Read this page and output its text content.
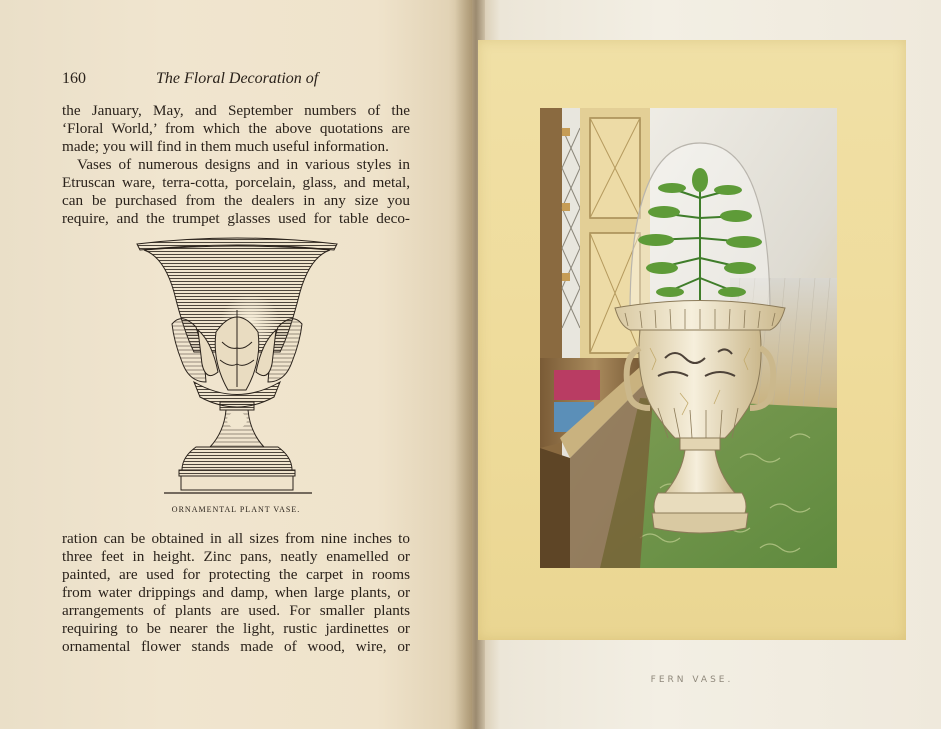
160	The Floral Decoration of
the January, May, and September numbers of the
‘Floral World,’ from which the above quotations are
made; you will find in them much useful information.
Vases of numerous designs and in various styles in
Etruscan ware, terra-cotta, porcelain, glass, and metal,
can be purchased from the dealers in any size you
require, and the trumpet glasses used for table deco-
ORNAMENTAL PLANT VASE.
ration can be obtained in all sizes from nine inches to
three feet in height. Zinc pans, neatly enamelled or
painted, are used for protecting the carpet in rooms
from water drippings and damp, when large plants, or
arrangements of plants are used. For smaller plants
requiring to be nearer the light, rustic jardinettes or
ornamental flower stands made of wood, wire, or
FERN VASE.
